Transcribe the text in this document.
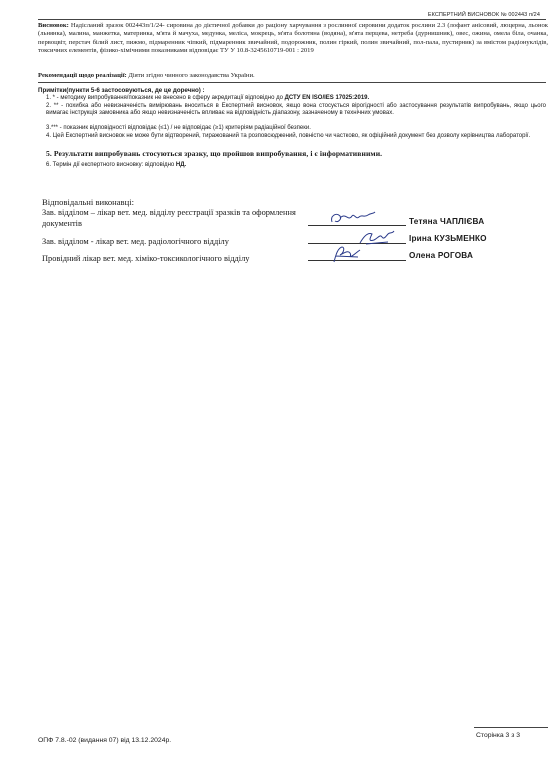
ЕКСПЕРТНИЙ ВИСНОВОК № 002443 п/24
Висновок: Надісланий зразок 002443п/1/24- сировина до дієтичної добавки до раціону харчування з рослинної сировини додаток рослини 2.3 (лофант анісовий, люцерна, льонок (льнянка), малина, манжетка, материнка, м'ята й мачуха, медунка, меліса, мокрець, м'ята болотяна (водяна), м'ята перцева, нетреба (дурнишник), овес, ожина, омела біла, очанка, первоцвіт, перстач білий лист, пижмо, підмаренник чіпкий, підмаренник звичайний, подорожник, полин гіркий, полин звичайний, пол-пала, пустирник) за вмістом радіонуклідів, токсичних елементів, фізико-хімічними показниками відповідає ТУ У 10.8-3245610719-001 : 2019
Рекомендації щодо реалізації: Діяти згідно чинного законодавства України.
Примітки(пункти 5-6 застосовуються, де це доречно) :
1. * - методику випробування/показник не внесено в сферу акредитації відповідно до ДСТУ EN ISO/IES 17025:2019.
2. ** - похибка або невизначеність вимірювань вноситься в Експертний висновок, якщо вона стосується вірогідності або застосування результатів випробувань, якщо цього вимагає інструкція замовника або якщо невизначеність впливає на відповідність діапазону, зазначеному в технічних умовах.
3.*** - показник відповідності відповідає (≤1) / не відповідає (≥1) критеріям радіаційної безпеки.
4. Цей Експертний висновок не може бути відтворений, тиражований та розповсюджений, повністю чи частково, як офіційний документ без дозволу керівництва лабораторії.
5. Результати випробувань стосуються зразку, що пройшов випробування, і є інформативними.
6. Термін дії експертного висновку: відповідно НД.
Відповідальні виконавці:
Зав. відділом – лікар вет. мед. відділу реєстрації зразків та оформлення документів
Зав. відділом - лікар вет. мед. радіологічного відділу
Провідний лікар вет. мед. хіміко-токсикологічного відділу
Тетяна ЧАПЛІЄВА
Ірина КУЗЬМЕНКО
Олена РОГОВА
Сторінка 3 з 3
ОПФ 7.8.-02 (видання 07) від 13.12.2024р.
